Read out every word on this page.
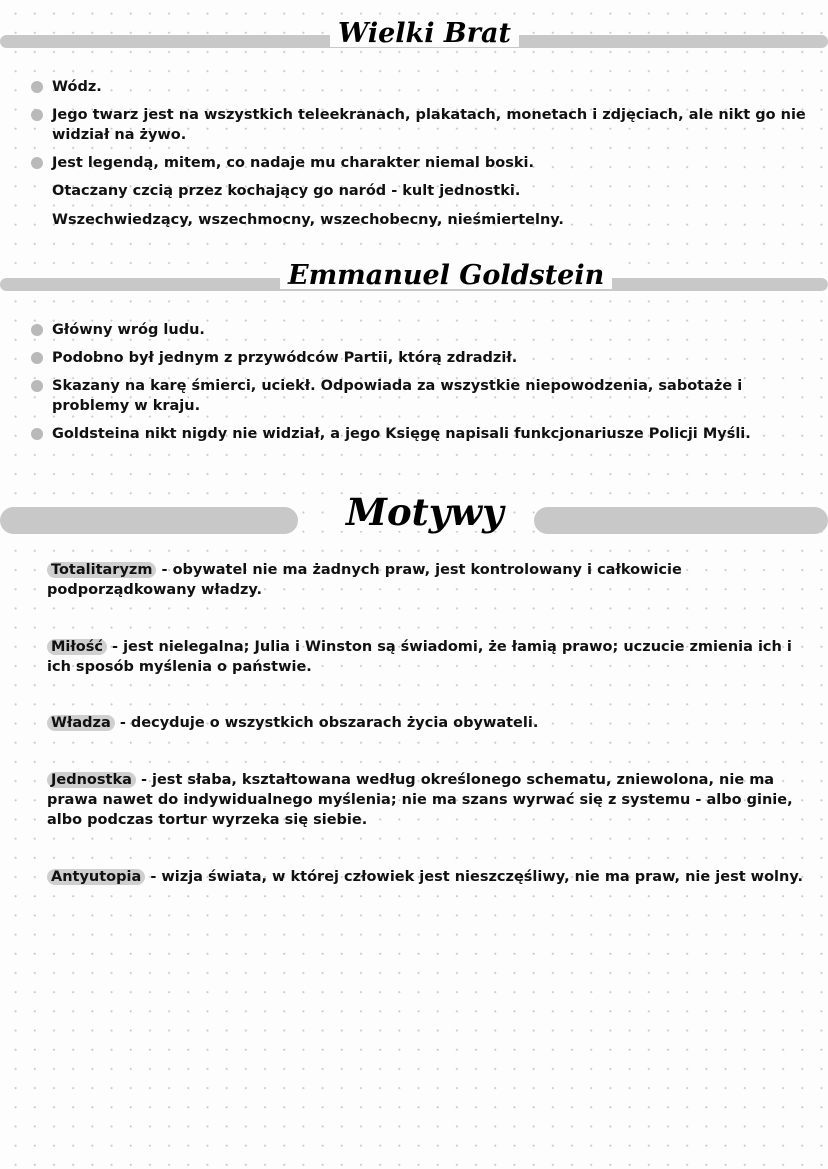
Wielki Brat
Wódz.
Jego twarz jest na wszystkich teleekranach, plakatach, monetach i zdjęciach, ale nikt go nie widział na żywo.
Jest legendą, mitem, co nadaje mu charakter niemal boski.
Otaczany czcią przez kochający go naród - kult jednostki.
Wszechwiedzący, wszechmocny, wszechobecny, nieśmiertelny.
Emmanuel Goldstein
Główny wróg ludu.
Podobno był jednym z przywódców Partii, którą zdradził.
Skazany na karę śmierci, uciekł. Odpowiada za wszystkie niepowodzenia, sabotaże i problemy w kraju.
Goldsteina nikt nigdy nie widział, a jego Księgę napisali funkcjonariusze Policji Myśli.
Motywy

Totalitaryzm - obywatel nie ma żadnych praw, jest kontrolowany i całkowicie podporządkowany władzy.

Miłość - jest nielegalna; Julia i Winston są świadomi, że łamią prawo; uczucie zmienia ich i ich sposób myślenia o państwie.

Władza - decyduje o wszystkich obszarach życia obywateli.

Jednostka - jest słaba, kształtowana według określonego schematu, zniewolona, nie ma prawa nawet do indywidualnego myślenia; nie ma szans wyrwać się z systemu - albo ginie, albo podczas tortur wyrzeka się siebie.

Antyutopia - wizja świata, w której człowiek jest nieszczęśliwy, nie ma praw, nie jest wolny.
